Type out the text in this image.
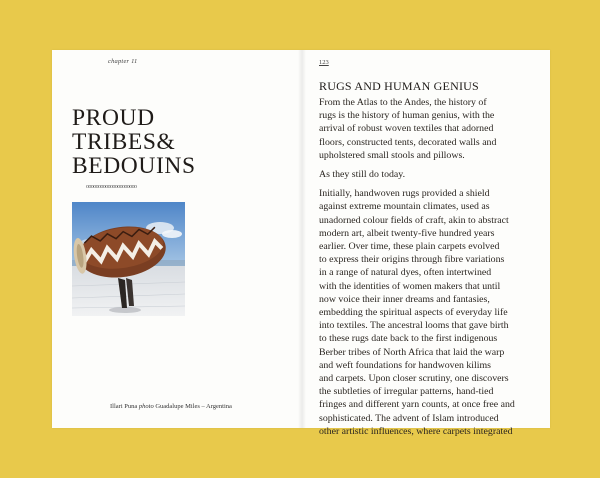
chapter 11
PROUD
TRIBES&
BEDOUINS
ooooooooooooooooooooo
Illari Puna photo Guadalupe Miles – Argentina
123
RUGS AND HUMAN GENIUS
From the Atlas to the Andes, the history of
rugs is the history of human genius, with the
arrival of robust woven textiles that adorned
floors, constructed tents, decorated walls and
upholstered small stools and pillows.
As they still do today.
Initially, handwoven rugs provided a shield
against extreme mountain climates, used as
unadorned colour fields of craft, akin to abstract
modern art, albeit twenty-five hundred years
earlier. Over time, these plain carpets evolved
to express their origins through fibre variations
in a range of natural dyes, often intertwined
with the identities of women makers that until
now voice their inner dreams and fantasies,
embedding the spiritual aspects of everyday life
into textiles. The ancestral looms that gave birth
to these rugs date back to the first indigenous
Berber tribes of North Africa that laid the warp
and weft foundations for handwoven kilims
and carpets. Upon closer scrutiny, one discovers
the subtleties of irregular patterns, hand-tied
fringes and different yarn counts, at once free and
sophisticated. The advent of Islam introduced
other artistic influences, where carpets integrated
